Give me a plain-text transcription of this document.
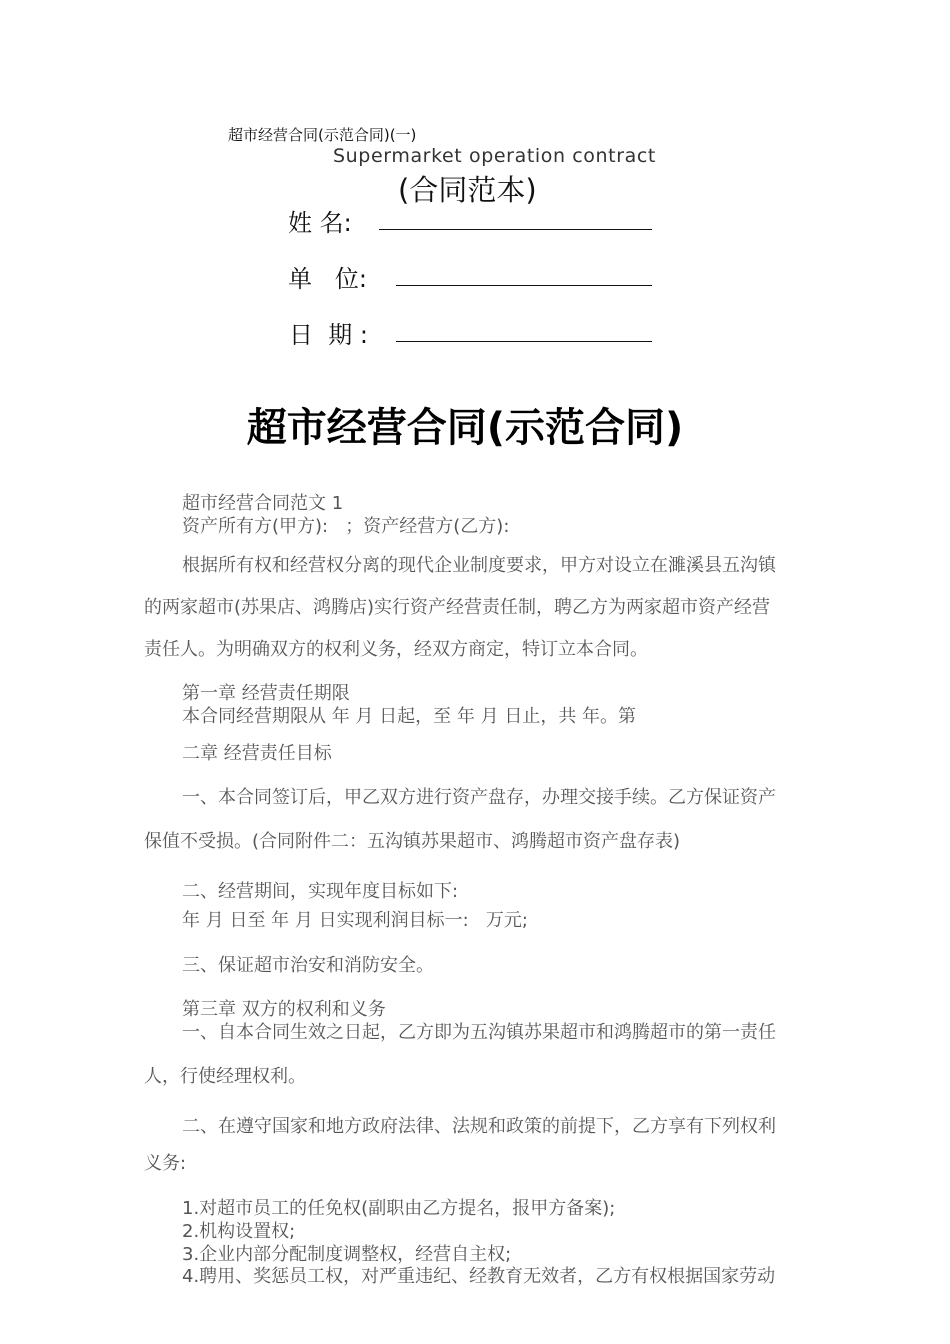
超市经营合同(示范合同)(一)
Supermarket operation contract
(合同范本)
姓 名:
单   位:
日  期 :
超市经营合同(示范合同)
超市经营合同范文 1
资产所有方(甲方):   ；资产经营方(乙方):
根据所有权和经营权分离的现代企业制度要求，甲方对设立在濉溪县五沟镇
的两家超市(苏果店、鸿腾店)实行资产经营责任制，聘乙方为两家超市资产经营
责任人。为明确双方的权利义务，经双方商定，特订立本合同。
第一章 经营责任期限
本合同经营期限从 年 月 日起，至 年 月 日止，共 年。第
二章 经营责任目标
一、本合同签订后，甲乙双方进行资产盘存，办理交接手续。乙方保证资产
保值不受损。(合同附件二：五沟镇苏果超市、鸿腾超市资产盘存表)
二、经营期间，实现年度目标如下:
年 月 日至 年 月 日实现利润目标一:   万元;
三、保证超市治安和消防安全。
第三章 双方的权利和义务
一、自本合同生效之日起，乙方即为五沟镇苏果超市和鸿腾超市的第一责任
人，行使经理权利。
二、在遵守国家和地方政府法律、法规和政策的前提下，乙方享有下列权利
义务:
1.对超市员工的任免权(副职由乙方提名，报甲方备案);
2.机构设置权;
3.企业内部分配制度调整权，经营自主权;
4.聘用、奖惩员工权，对严重违纪、经教育无效者，乙方有权根据国家劳动
